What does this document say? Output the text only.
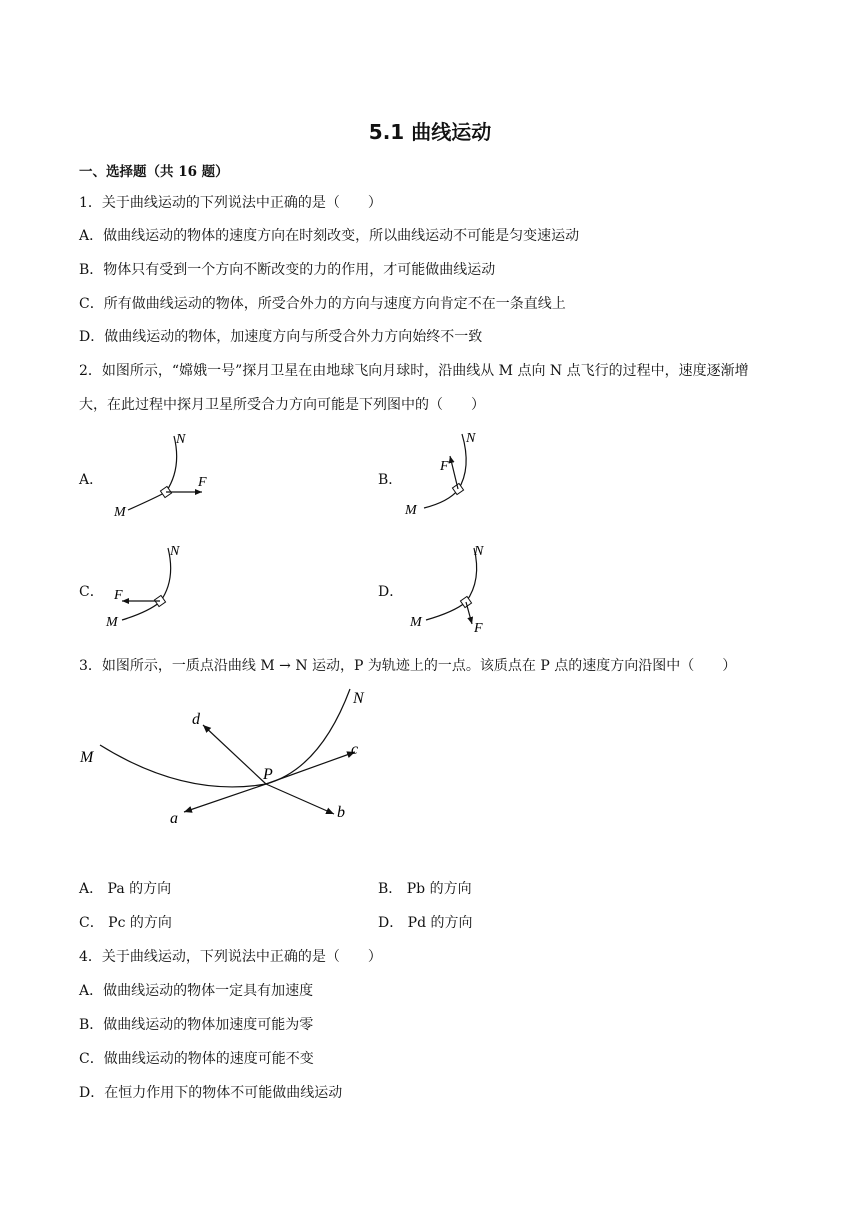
5.1 曲线运动
一、选择题（共 16 题）
1．关于曲线运动的下列说法中正确的是（　　）
A．做曲线运动的物体的速度方向在时刻改变，所以曲线运动不可能是匀变速运动
B．物体只有受到一个方向不断改变的力的作用，才可能做曲线运动
C．所有做曲线运动的物体，所受合外力的方向与速度方向肯定不在一条直线上
D．做曲线运动的物体，加速度方向与所受合外力方向始终不一致
2．如图所示，“嫦娥一号”探月卫星在由地球飞向月球时，沿曲线从 M 点向 N 点飞行的过程中，速度逐渐增
大，在此过程中探月卫星所受合力方向可能是下列图中的（　　）
A．	B．
C．	D．
M
N
F
M
N
F
M
N
F
M
N
F
3．如图所示，一质点沿曲线 M → N 运动，P 为轨迹上的一点。该质点在 P 点的速度方向沿图中（　　）
M
N
P
d
c
a	b
A． Pa 的方向	B． Pb 的方向
C． Pc 的方向	D． Pd 的方向
4．关于曲线运动，下列说法中正确的是（　　）
A．做曲线运动的物体一定具有加速度
B．做曲线运动的物体加速度可能为零
C．做曲线运动的物体的速度可能不变
D．在恒力作用下的物体不可能做曲线运动
